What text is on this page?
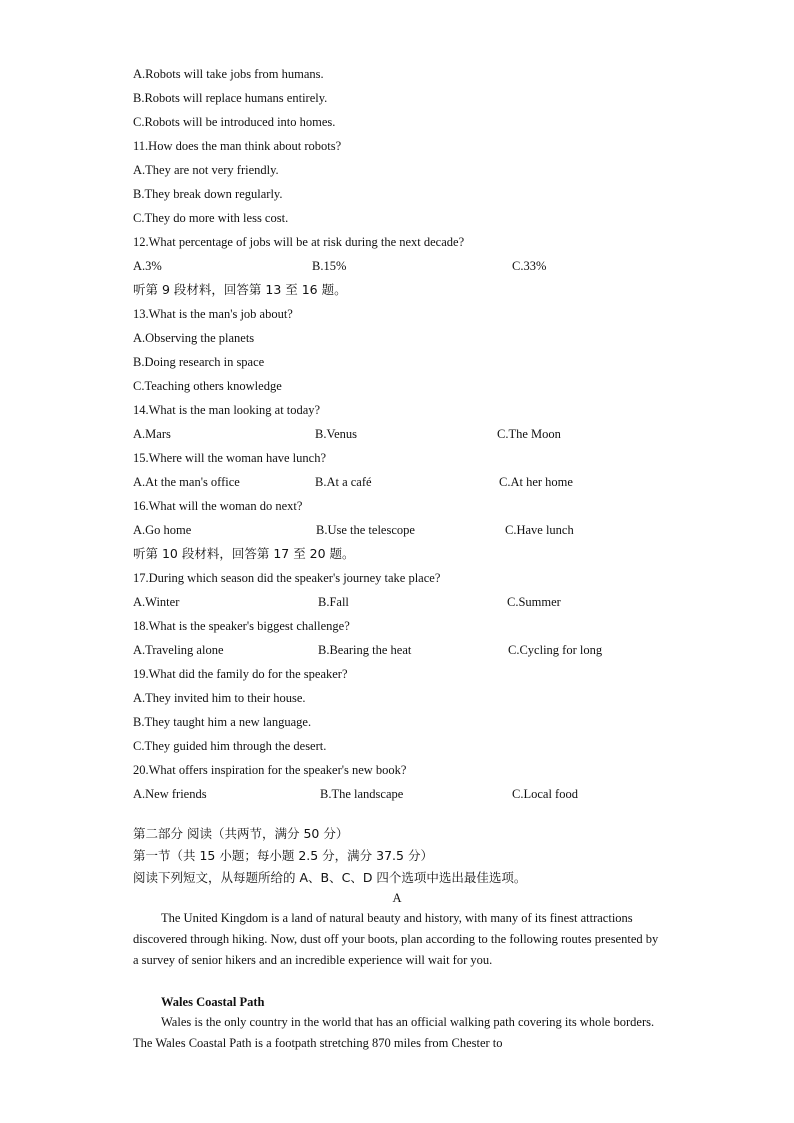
A.Robots will take jobs from humans.
B.Robots will replace humans entirely.
C.Robots will be introduced into homes.
11.How does the man think about robots?
A.They are not very friendly.
B.They break down regularly.
C.They do more with less cost.
12.What percentage of jobs will be at risk during the next decade?
A.3%	B.15%	C.33%
听第 9 段材料，回答第 13 至 16 题。
13.What is the man's job about?
A.Observing the planets
B.Doing research in space
C.Teaching others knowledge
14.What is the man looking at today?
A.Mars	B.Venus	C.The Moon
15.Where will the woman have lunch?
A.At the man's office	B.At a café	C.At her home
16.What will the woman do next?
A.Go home	B.Use the telescope	C.Have lunch
听第 10 段材料，回答第 17 至 20 题。
17.During which season did the speaker's journey take place?
A.Winter	B.Fall	C.Summer
18.What is the speaker's biggest challenge?
A.Traveling alone	B.Bearing the heat	C.Cycling for long
19.What did the family do for the speaker?
A.They invited him to their house.
B.They taught him a new language.
C.They guided him through the desert.
20.What offers inspiration for the speaker's new book?
A.New friends	B.The landscape	C.Local food
第二部分 阅读（共两节，满分 50 分）
第一节（共 15 小题；每小题 2.5 分，满分 37.5 分）
阅读下列短文，从每题所给的 A、B、C、D 四个选项中选出最佳选项。
A
The United Kingdom is a land of natural beauty and history, with many of its finest attractions discovered through hiking. Now, dust off your boots, plan according to the following routes presented by a survey of senior hikers and an incredible experience will wait for you.
Wales Coastal Path
Wales is the only country in the world that has an official walking path covering its whole borders. The Wales Coastal Path is a footpath stretching 870 miles from Chester to
